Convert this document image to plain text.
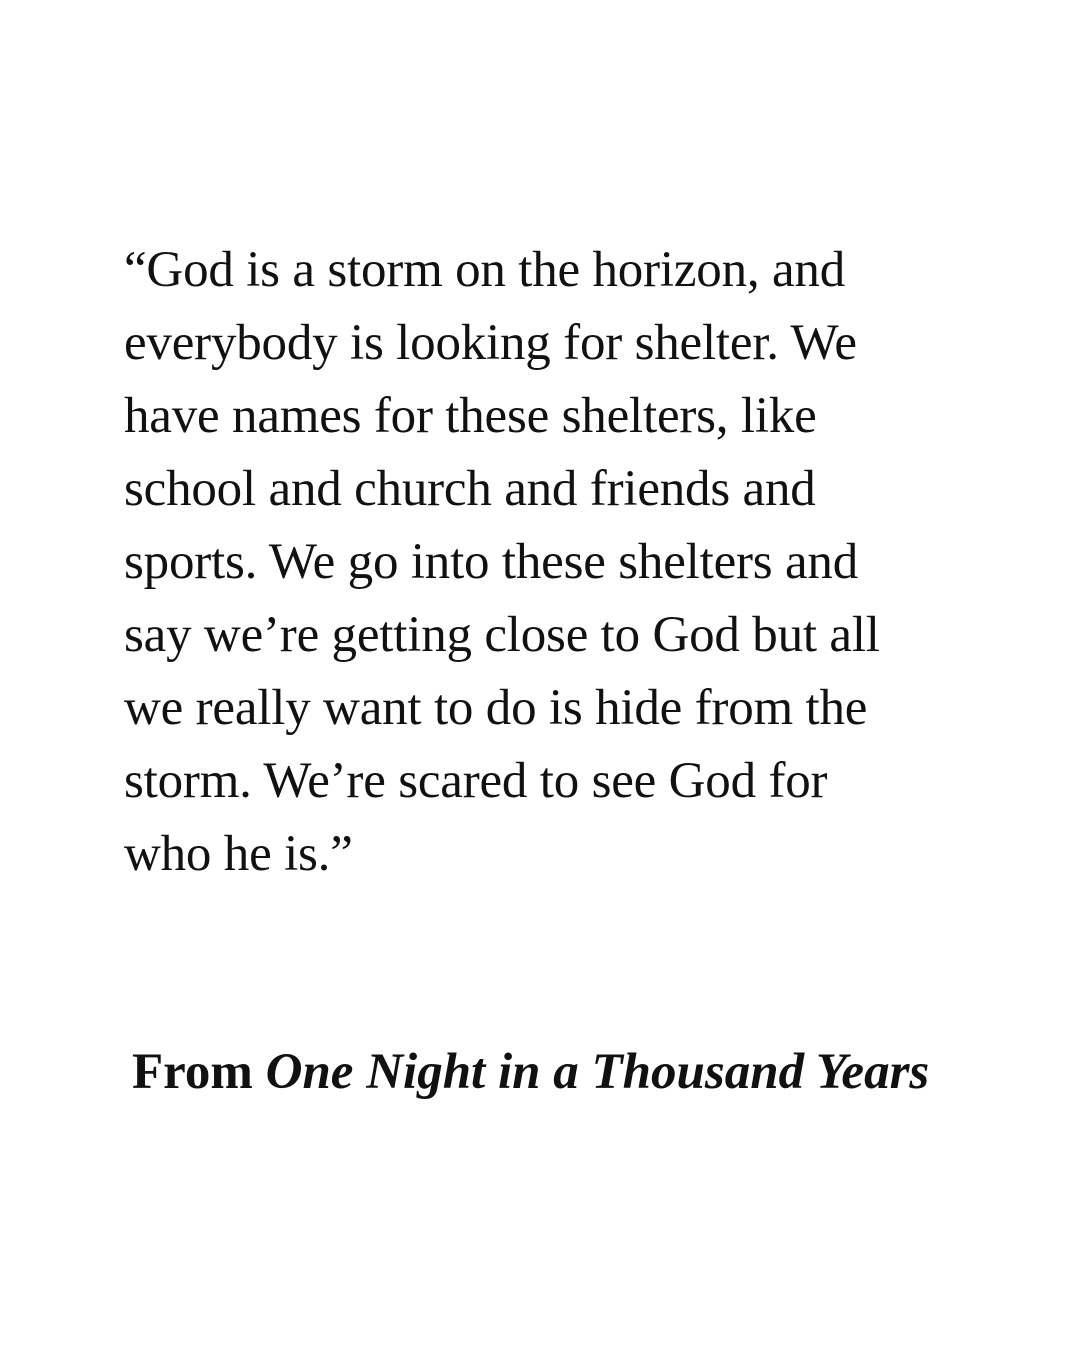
“God is a storm on the horizon, and
everybody is looking for shelter. We
have names for these shelters, like
school and church and friends and
sports. We go into these shelters and
say we’re getting close to God but all
we really want to do is hide from the
storm. We’re scared to see God for
who he is.”

From One Night in a Thousand Years
